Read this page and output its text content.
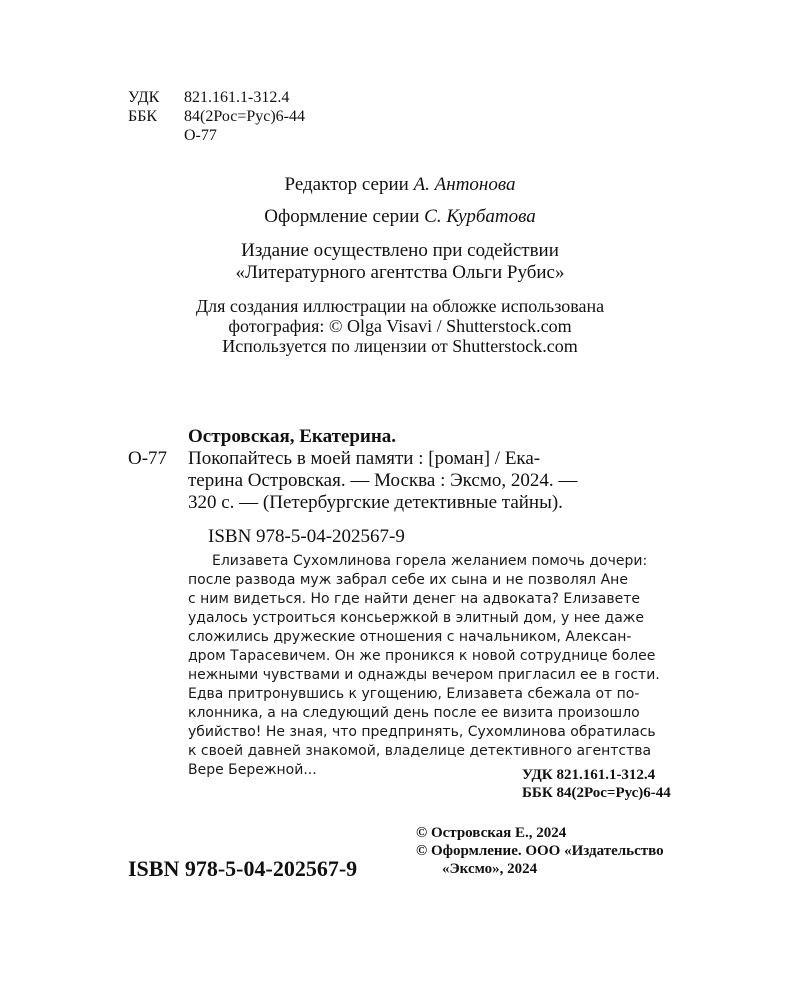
УДК	821.161.1-312.4
ББК	84(2Рос=Рус)6-44
О-77
Редактор серии А. Антонова
Оформление серии С. Курбатова
Издание осуществлено при содействии
«Литературного агентства Ольги Рубис»
Для создания иллюстрации на обложке использована
фотография: © Olga Visavi / Shutterstock.com
Используется по лицензии от Shutterstock.com
Островская, Екатерина.
О-77	Покопайтесь в моей памяти : [роман] / Ека-
терина Островская. — Москва : Эксмо, 2024. —
320 с. — (Петербургские детективные тайны).
ISBN 978-5-04-202567-9
Елизавета Сухомлинова горела желанием помочь дочери:
после развода муж забрал себе их сына и не позволял Ане
с ним видеться. Но где найти денег на адвоката? Елизавете
удалось устроиться консьержкой в элитный дом, у нее даже
сложились дружеские отношения с начальником, Алексан-
дром Тарасевичем. Он же проникся к новой сотруднице более
нежными чувствами и однажды вечером пригласил ее в гости.
Едва притронувшись к угощению, Елизавета сбежала от по-
клонника, а на следующий день после ее визита произошло
убийство! Не зная, что предпринять, Сухомлинова обратилась
к своей давней знакомой, владелице детективного агентства
Вере Бережной...	УДК 821.161.1-312.4
ББК 84(2Рос=Рус)6-44
© Островская Е., 2024
© Оформление. ООО «Издательство
«Эксмо», 2024
ISBN 978-5-04-202567-9
